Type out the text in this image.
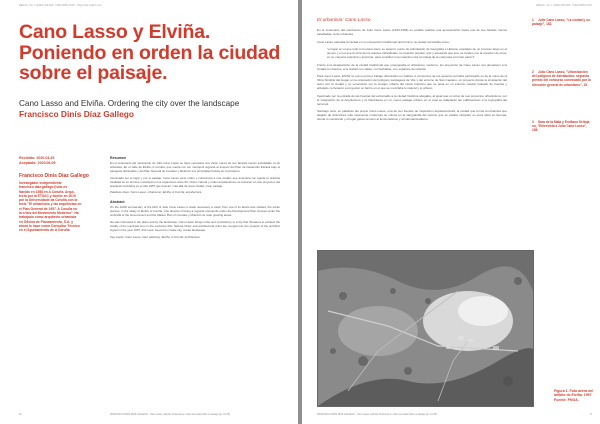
REGAC, Vol. 1 (2020) 000-000 · ISSN 2695-XXXX · https://doi.org/10.xxxx
Cano Lasso y Elviña.
Poniendo en orden la ciudad
sobre el paisaje.
Cano Lasso and Elviña. Ordering the city over the landscape
Francisco Dinís Díaz Gallego
Recibido: 2020.04.29
Aceptado: 2020.06.09
Francisco Dinís Díaz Gallego
Investigador independiente
francisco.diaz.gallego@udc.es
Nacido en 1988 en A Coruña. Arqui-
tecto por la ETSAC y doctor en 2019
por la Universidade da Coruña con la
tesis "El urbanismo y las arquitectas en
el Plan General de 1957. A Coruña en
la crisis del Movimiento Moderno". Ha
trabajado como arquitecto urbanista
en Oficina de Planeamiento, S.A. y
ahora lo hace como Consultor Técnico
en el Ayuntamiento de A Coruña.
Resumen

En el centenario del nacimiento de Julio Cano Lasso se hace necesaria una visión nueva de sus facetas menos estudiadas, la de urbanista. En el valle de Elviña, A Coruña, que sueña con ser metrópoli regional al amparo del Plan de Desarrollo fracasa bajo el paraguas del Estado y del Plan General de Corrales y Molezún sus principales bolsas de crecimiento.

Interesado por el lugar y por el paisaje, Cano Lasso pone orden y coherencia a una ciudad, que amenaza con agotar la práctica totalidad de su término municipal en los expansivos años 60. Orden natural y orden arquitectónico se fusionan en dos proyectos del arquitecto fechados en el año 1957 que buscan, más allá de crear ciudad, crear paisaje.

Palabras clave: Cano Lasso; urbanismo; Elviña; A Coruña; arquitectura.

Abstract

On the 100th anniversary of the birth of Julio Cano Lasso is made necessary a vision from one of its facets less studied, the urban planner. In the valley of Elviña, A Coruña, who dreams of being a regional metropolis under the Development Plan focuses under the umbrella of the Government and the Master Plan of Corrales y Molezún its main growing areas.

He was interested in the place and by the landscape, Cano Lasso brings order and consistency to a city that threatens to exhaust the totality of its municipal term in the explosive 60s. Natural Order and architectural order are merged into two projects of the architect signed in the year 1957, that seek, beyond to create city, create landscape.

Key words: Cano Lasso; town planning; Elviña; A Coruña; architecture.

16	FRANCISCO DINÍS DÍAZ GALLEGO · Cano Lasso y Elviña. Poniendo en orden la ciudad sobre el paisaje (pp. 16-35)
REGAC, Vol. 1 (2020) 000-000 · ISSN 2695-XXXX
El urbanista: Cano Lasso

En el centenario del nacimiento de Julio Cano Lasso (1920-1996) es posible realizar una aproximación hacia una de sus facetas menos estudiadas, la de urbanista.

Cano Lasso valoraba la ciudad en su concepción tradicional del término, la ciudad concebida como:

"el lugar en el que todo lo humano tiene su asiento: punto de articulación de Geografía e Historia, resultado de un proceso largo en el tiempo y en el que la obra de los autores individuales, la creación popular, arte y artesanía que sea, se funden con la creación de otros, en su mayoría colectiva y anónima, para constituir una creación más compleja de la cual pasa a formar parte"1.

Frente a la desaparición de la ciudad tradicional que propugnaba el urbanismo moderno, los proyectos de Cano Lasso nos devuelven a la ciudad con barrios, a la ciudad con calles, con fachadas, con espacios de relación.

Para Cano Lasso, Elviña no era su primer trabajo urbanístico en Galicia. A comienzos de los sesenta ya había participado en de la mano de la Obra Sindical del Hogar en la ordenación del polígono santiagués de Vite y del entorno de San Caetano, un proyecto donde la simulación del autor con la ciudad y su veneración por la imagen urbana del casco histórico que se posa en un entorno natural rodeado de huertas y arbolado, le llevaron a proyectar un barrio en el que se mezclaba lo natural y lo urbano.

Fascinado por la entrada de las huertas del extrarradio a la ciudad histórica abogaba, al igual que en otros de sus proyectos urbanísticos, por la integración de la Arquitectura y la Naturaleza en un nuevo paisaje urbano en el cual se adaptarán las edificaciones a la topografía del terreno2.

Santiago será, en palabras del propio Cano Lasso, una de sus fuentes de inspiración arquitectónica3, la ciudad que forma al urbanista que alejado de directrices más netamente modernas se coloca en la vanguardia del camino que se estaba iniciando en esos años en Europa, donde lo construido y el lugar ganan terreno al funcionalismo y al internacionalismo.

1 Julio Cano Lasso, "La ciudad y su paisaje", 162.
2 Julio Cano Lasso, "Urbanización del polígono de Astrabudúa: segundo premio del concurso convocado por la dirección general de urbanismo", 15.
3 Sara de la Mata y Emiliano Seltoja no, "Entrevista a Julio Cano Lasso", 108.
Figura 1. Foto aérea del ámbito de Elviña. 1957. Fuente: PNOA.
FRANCISCO DINÍS DÍAZ GALLEGO · Cano Lasso y Elviña. Poniendo en orden la ciudad sobre el paisaje (pp. 16-35)	17
